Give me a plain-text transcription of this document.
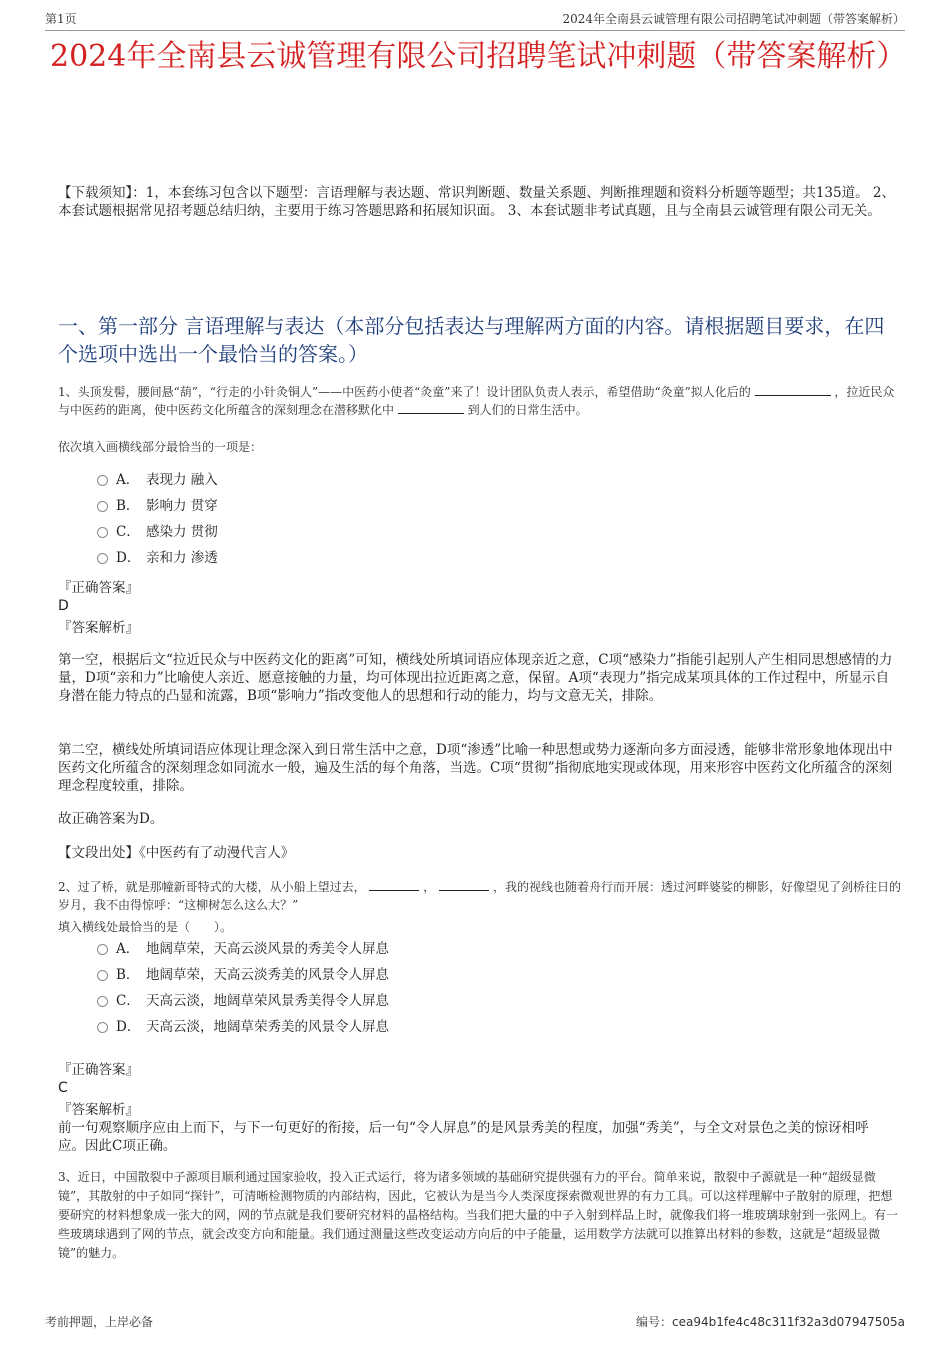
第1页	2024年全南县云诚管理有限公司招聘笔试冲刺题（带答案解析）
2024年全南县云诚管理有限公司招聘笔试冲刺题（带答案解析）
【下载须知】：1，本套练习包含以下题型：言语理解与表达题、常识判断题、数量关系题、判断推理题和资料分析题等题型；共135道。 2、本套试题根据常见招考题总结归纳，主要用于练习答题思路和拓展知识面。 3、本套试题非考试真题，且与全南县云诚管理有限公司无关。
一、第一部分 言语理解与表达（本部分包括表达与理解两方面的内容。请根据题目要求，在四个选项中选出一个最恰当的答案。）
1、头顶发髻，腰间悬“葫”，“行走的小针灸铜人”——中医药小使者“灸童”来了！设计团队负责人表示，希望借助“灸童”拟人化后的	，拉近民众与中医药的距离，使中医药文化所蕴含的深刻理念在潜移默化中	到人们的日常生活中。
依次填入画横线部分最恰当的一项是：
A． 表现力 融入
B． 影响力 贯穿
C． 感染力 贯彻
D． 亲和力 渗透
『正确答案』
D
『答案解析』
第一空，根据后文“拉近民众与中医药文化的距离”可知，横线处所填词语应体现亲近之意，C项“感染力”指能引起别人产生相同思想感情的力量，D项“亲和力”比喻使人亲近、愿意接触的力量，均可体现出拉近距离之意，保留。A项“表现力”指完成某项具体的工作过程中，所显示自身潜在能力特点的凸显和流露，B项“影响力”指改变他人的思想和行动的能力，均与文意无关，排除。
第二空，横线处所填词语应体现让理念深入到日常生活中之意，D项“渗透”比喻一种思想或势力逐渐向多方面浸透，能够非常形象地体现出中医药文化所蕴含的深刻理念如同流水一般，遍及生活的每个角落，当选。C项“贯彻”指彻底地实现或体现，用来形容中医药文化所蕴含的深刻理念程度较重，排除。
故正确答案为D。
【文段出处】《中医药有了动漫代言人》
2、过了桥，就是那幢新哥特式的大楼，从小船上望过去，	，	，我的视线也随着舟行而开展：透过河畔婆娑的柳影，好像望见了剑桥往日的岁月，我不由得惊呼：“这柳树怎么这么大？”
填入横线处最恰当的是（　　）。
A． 地阔草荣，天高云淡风景的秀美令人屏息
B． 地阔草荣，天高云淡秀美的风景令人屏息
C． 天高云淡，地阔草荣风景秀美得令人屏息
D． 天高云淡，地阔草荣秀美的风景令人屏息
『正确答案』
C
『答案解析』
前一句观察顺序应由上而下，与下一句更好的衔接，后一句“令人屏息”的是风景秀美的程度，加强“秀美”，与全文对景色之美的惊讶相呼应。因此C项正确。
3、近日，中国散裂中子源项目顺利通过国家验收，投入正式运行，将为诸多领域的基础研究提供强有力的平台。简单来说，散裂中子源就是一种“超级显微镜”，其散射的中子如同“探针”，可清晰检测物质的内部结构，因此，它被认为是当今人类深度探索微观世界的有力工具。可以这样理解中子散射的原理，把想要研究的材料想象成一张大的网，网的节点就是我们要研究材料的晶格结构。当我们把大量的中子入射到样品上时，就像我们将一堆玻璃球射到一张网上。有一些玻璃球遇到了网的节点，就会改变方向和能量。我们通过测量这些改变运动方向后的中子能量，运用数学方法就可以推算出材料的参数，这就是“超级显微镜”的魅力。
考前押题，上岸必备	编号：cea94b1fe4c48c311f32a3d07947505a
